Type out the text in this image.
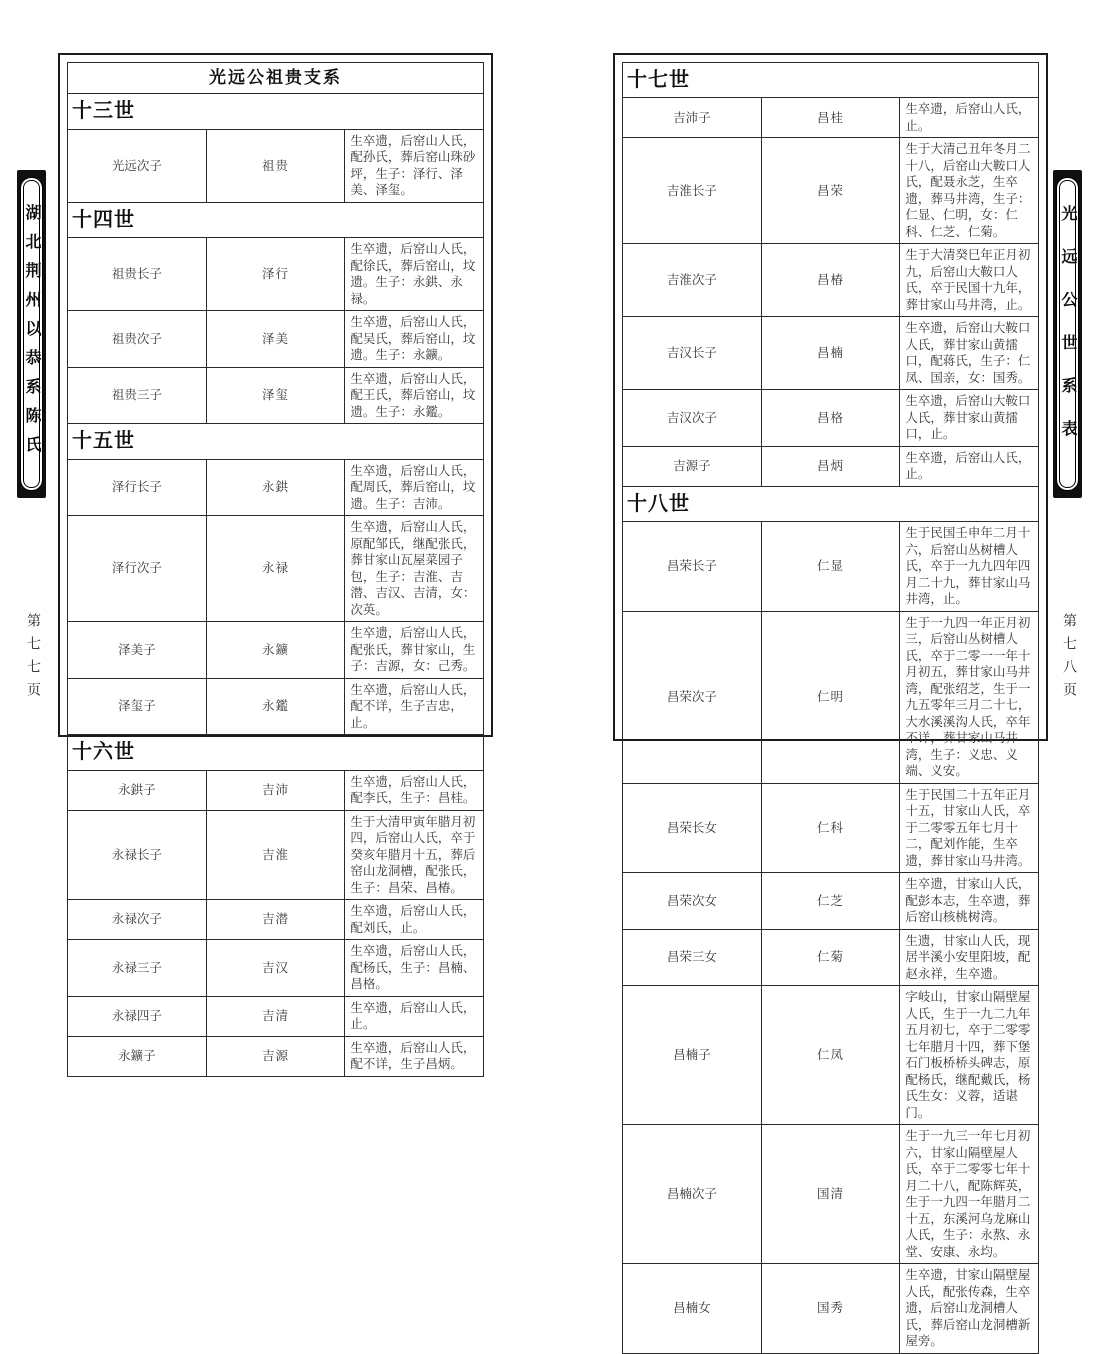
湖北荆州以恭系陈氏
第七七页
光远公祖贵支系		
十三世		
光远次子	祖贵	生卒遗，后窑山人氏，配孙氏，葬后窑山珠砂坪，生子：泽行、泽美、泽玺。
十四世		
祖贵长子	泽行	生卒遗，后窑山人氏，配徐氏，葬后窑山，坟遗。生子：永鉷、永禄。
祖贵次子	泽美	生卒遗，后窑山人氏，配吴氏，葬后窑山，坟遗。生子：永鑛。
祖贵三子	泽玺	生卒遗，后窑山人氏，配王氏，葬后窑山，坟遗。生子：永鑑。
十五世		
泽行长子	永鉷	生卒遗，后窑山人氏，配周氏，葬后窑山，坟遗。生子：吉沛。
泽行次子	永禄	生卒遗，后窑山人氏，原配邹氏，继配张氏，葬甘家山瓦屋菜园子包，生子：吉淮、吉潜、吉汉、吉清，女：次英。
泽美子	永鑛	生卒遗，后窑山人氏，配张氏，葬甘家山，生子：吉源，女：己秀。
泽玺子	永鑑	生卒遗，后窑山人氏，配不详，生子吉忠，止。
十六世		
永鉷子	吉沛	生卒遗，后窑山人氏，配李氏，生子：昌桂。
永禄长子	吉淮	生于大清甲寅年腊月初四，后窑山人氏，卒于癸亥年腊月十五，葬后窑山龙洞槽，配张氏，生子：昌荣、昌椿。
永禄次子	吉潜	生卒遗，后窑山人氏，配刘氏，止。
永禄三子	吉汉	生卒遗，后窑山人氏，配杨氏，生子：昌楠、昌格。
永禄四子	吉清	生卒遗，后窑山人氏，止。
永鑛子	吉源	生卒遗，后窑山人氏，配不详，生子昌炳。
十七世		
吉沛子	昌桂	生卒遗，后窑山人氏，止。
吉淮长子	昌荣	生于大清己丑年冬月二十八，后窑山大鞍口人氏，配聂永芝，生卒遗，葬马井湾，生子：仁显、仁明，女：仁科、仁芝、仁菊。
吉淮次子	昌椿	生于大清癸巳年正月初九，后窑山大鞍口人氏，卒于民国十九年，葬甘家山马井湾，止。
吉汉长子	昌楠	生卒遗，后窑山大鞍口人氏，葬甘家山黄擂口，配蒋氏，生子：仁凤、国亲，女：国秀。
吉汉次子	昌格	生卒遗，后窑山大鞍口人氏，葬甘家山黄擂口，止。
吉源子	昌炳	生卒遗，后窑山人氏，止。
十八世		
昌荣长子	仁显	生于民国壬申年二月十六，后窑山丛树槽人氏，卒于一九九四年四月二十九，葬甘家山马井湾，止。
昌荣次子	仁明	生于一九四一年正月初三，后窑山丛树槽人氏，卒于二零一一年十月初五，葬甘家山马井湾，配张绍芝，生于一九五零年三月二十七，大水溪溪沟人氏，卒年不详，葬甘家山马井湾，生子：义忠、义端、义安。
昌荣长女	仁科	生于民国二十五年正月十五，甘家山人氏，卒于二零零五年七月十二，配刘作能，生卒遗，葬甘家山马井湾。
昌荣次女	仁芝	生卒遗，甘家山人氏，配彭本志，生卒遗，葬后窑山核桃树湾。
昌荣三女	仁菊	生遗，甘家山人氏，现居半溪小安里阳坡，配赵永祥，生卒遗。
昌楠子	仁凤	字岐山，甘家山隔壁屋人氏，生于一九二九年五月初七，卒于二零零七年腊月十四，葬下堡石门板桥桥头碑志，原配杨氏，继配戴氏，杨氏生女：义蓉，适谌门。
昌楠次子	国清	生于一九三一年七月初六，甘家山隔壁屋人氏，卒于二零零七年十月二十八，配陈辉英，生于一九四一年腊月二十五，东溪河乌龙麻山人氏，生子：永熬、永堂、安康、永均。
昌楠女	国秀	生卒遗，甘家山隔壁屋人氏，配张传森，生卒遗，后窑山龙洞槽人氏，葬后窑山龙洞槽新屋旁。
光远公世系表
第七八页
